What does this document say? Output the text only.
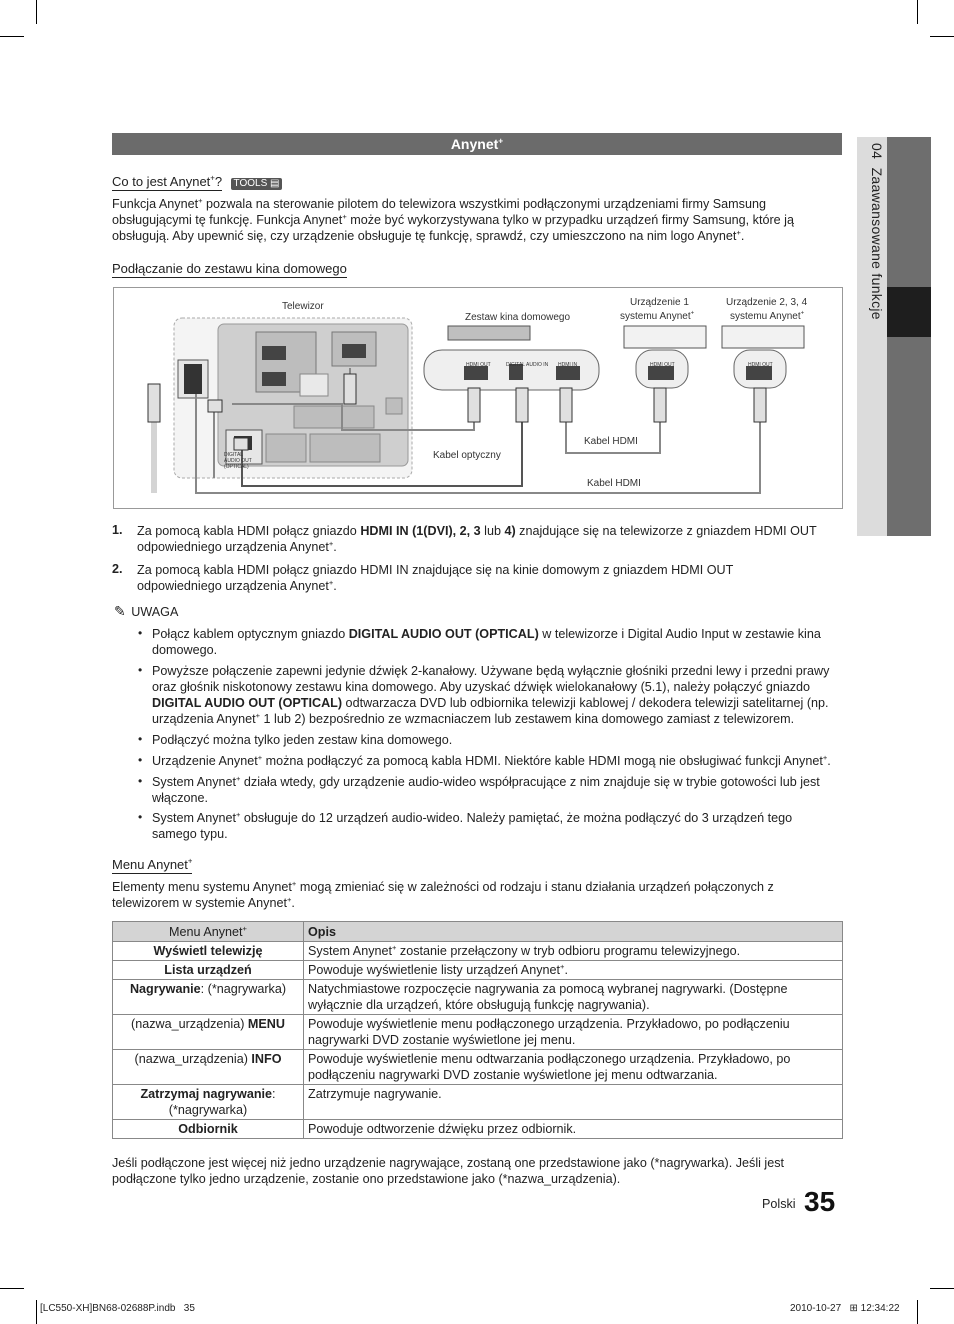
04  Zaawansowane funkcje
Anynet+
Co to jest Anynet+? TOOLS ▤
Funkcja Anynet+ pozwala na sterowanie pilotem do telewizora wszystkimi podłączonymi urządzeniami firmy Samsung obsługującymi tę funkcję. Funkcja Anynet+ może być wykorzystywana tylko w przypadku urządzeń firmy Samsung, które ją obsługują. Aby upewnić się, czy urządzenie obsługuje tę funkcję, sprawdź, czy umieszczono na nim logo Anynet+.
Podłączanie do zestawu kina domowego
Telewizor
Zestaw kina domowego
Urządzenie 1
systemu Anynet+
Urządzenie 2, 3, 4
systemu Anynet+
Kabel HDMI
Kabel optyczny
Kabel HDMI
HDMI OUT	DIGITAL AUDIO IN HDMI IN	HDMI OUT	HDMI OUT
DIGITAL AUDIO OUT (OPTICAL)
1. Za pomocą kabla HDMI połącz gniazdo HDMI IN (1(DVI), 2, 3 lub 4) znajdujące się na telewizorze z gniazdem HDMI OUT
odpowiedniego urządzenia Anynet+.
2. Za pomocą kabla HDMI połącz gniazdo HDMI IN znajdujące się na kinie domowym z gniazdem HDMI OUT
odpowiedniego urządzenia Anynet+.
✎ UWAGA
• Połącz kablem optycznym gniazdo DIGITAL AUDIO OUT (OPTICAL) w telewizorze i Digital Audio Input w zestawie kina
domowego.
• Powyższe połączenie zapewni jedynie dźwięk 2-kanałowy. Używane będą wyłącznie głośniki przedni lewy i przedni prawy
oraz głośnik niskotonowy zestawu kina domowego. Aby uzyskać dźwięk wielokanałowy (5.1), należy połączyć gniazdo
DIGITAL AUDIO OUT (OPTICAL) odtwarzacza DVD lub odbiornika telewizji kablowej / dekodera telewizji satelitarnej (np.
urządzenia Anynet+ 1 lub 2) bezpośrednio ze wzmacniaczem lub zestawem kina domowego zamiast z telewizorem.
• Podłączyć można tylko jeden zestaw kina domowego.
• Urządzenie Anynet+ można podłączyć za pomocą kabla HDMI. Niektóre kable HDMI mogą nie obsługiwać funkcji Anynet+.
• System Anynet+ działa wtedy, gdy urządzenie audio-wideo współpracujące z nim znajduje się w trybie gotowości lub jest
włączone.
• System Anynet+ obsługuje do 12 urządzeń audio-wideo. Należy pamiętać, że można podłączyć do 3 urządzeń tego
samego typu.
Menu Anynet+
Elementy menu systemu Anynet+ mogą zmieniać się w zależności od rodzaju i stanu działania urządzeń połączonych z
telewizorem w systemie Anynet+.
Menu Anynet+	Opis
Wyświetl telewizję	System Anynet+ zostanie przełączony w tryb odbioru programu telewizyjnego.
Lista urządzeń	Powoduje wyświetlenie listy urządzeń Anynet+.
Nagrywanie: (*nagrywarka)	Natychmiastowe rozpoczęcie nagrywania za pomocą wybranej nagrywarki. (Dostępne wyłącznie dla urządzeń, które obsługują funkcję nagrywania).
(nazwa_urządzenia) MENU	Powoduje wyświetlenie menu podłączonego urządzenia. Przykładowo, po podłączeniu nagrywarki DVD zostanie wyświetlone jej menu.
(nazwa_urządzenia) INFO	Powoduje wyświetlenie menu odtwarzania podłączonego urządzenia. Przykładowo, po podłączeniu nagrywarki DVD zostanie wyświetlone jej menu odtwarzania.
Zatrzymaj nagrywanie:
(*nagrywarka)	Zatrzymuje nagrywanie.
Odbiornik	Powoduje odtworzenie dźwięku przez odbiornik.
Jeśli podłączone jest więcej niż jedno urządzenie nagrywające, zostaną one przedstawione jako (*nagrywarka). Jeśli jest
podłączone tylko jedno urządzenie, zostanie ono przedstawione jako (*nazwa_urządzenia).
Polski 35
[LC550-XH]BN68-02688P.indb   35	2010-10-27   ⊞ 12:34:22
